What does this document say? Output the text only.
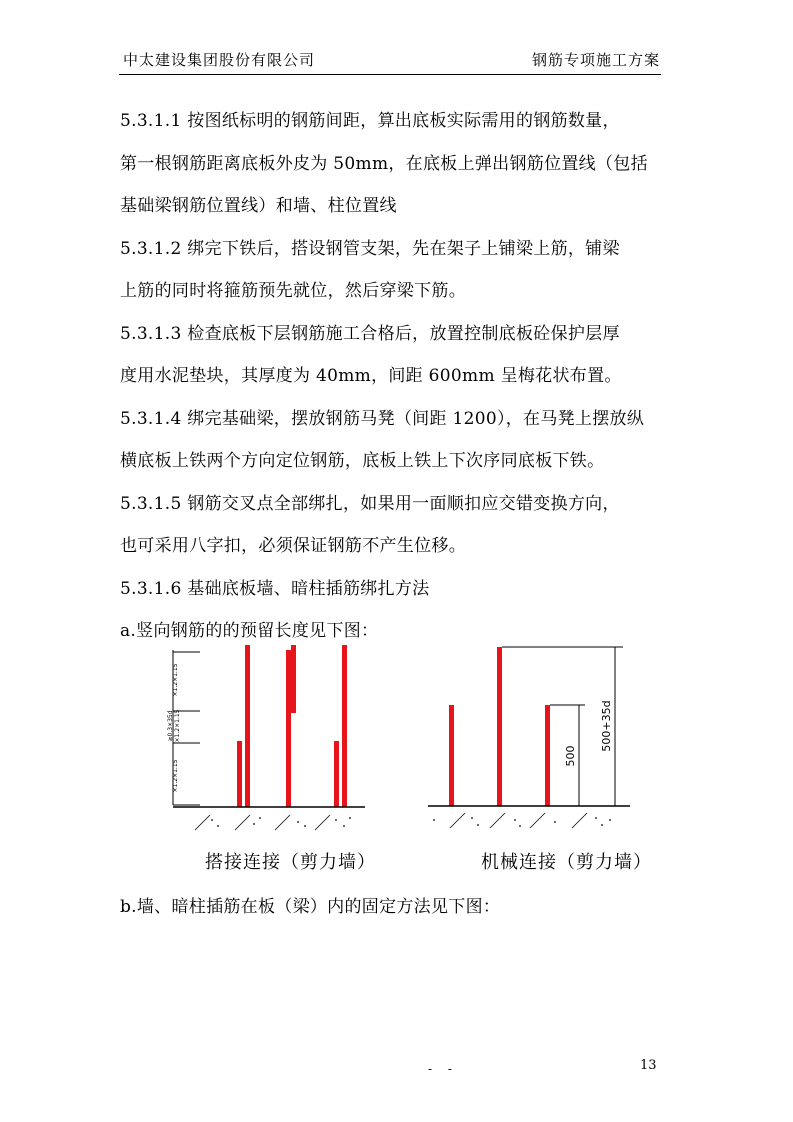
中太建设集团股份有限公司	钢筋专项施工方案
5.3.1.1 按图纸标明的钢筋间距，算出底板实际需用的钢筋数量，
第一根钢筋距离底板外皮为 50mm，在底板上弹出钢筋位置线（包括
基础梁钢筋位置线）和墙、柱位置线
5.3.1.2 绑完下铁后，搭设钢管支架，先在架子上铺梁上筋，铺梁
上筋的同时将箍筋预先就位，然后穿梁下筋。
5.3.1.3 检查底板下层钢筋施工合格后，放置控制底板砼保护层厚
度用水泥垫块，其厚度为 40mm，间距 600mm 呈梅花状布置。
5.3.1.4 绑完基础梁，摆放钢筋马凳（间距 1200），在马凳上摆放纵
横底板上铁两个方向定位钢筋，底板上铁上下次序同底板下铁。
5.3.1.5 钢筋交叉点全部绑扎，如果用一面顺扣应交错变换方向，
也可采用八字扣，必须保证钢筋不产生位移。
5.3.1.6 基础底板墙、暗柱插筋绑扎方法
a.竖向钢筋的的预留长度见下图：
×1.2×1.15
≥0.3×35d ×1.2×1.15
×1.2×1.15
500
500+35d
搭接连接（剪力墙）	机械连接（剪力墙）
b.墙、暗柱插筋在板（梁）内的固定方法见下图：
- -	13
